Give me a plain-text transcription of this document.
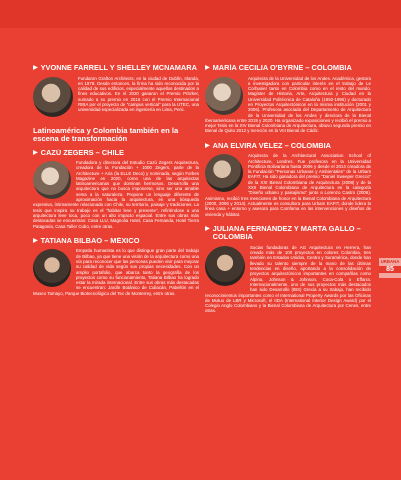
▶ YVONNE FARRELL Y SHELLEY MCNAMARA

Fundaron Grafton Architects, en la ciudad de Dublín, Irlanda, en 1978. Desde entonces, la firma ha sido reconocida por la calidad de sus edificios, especialmente aquellos destinados a fines educativos. En el 2020 ganaron el Premio Pritzker, sumado a su premio en 2016 con el Premio Internacional RIBA por el proyecto de "campus vertical" para la UTEC, una universidad especializada en ingeniería en Lima, Perú.

Latinoamérica y Colombia también en la escena de transformación
▶ CAZÚ ZEGERS – CHILE

Fundadora y directora del Estudio Cazú Zegers Arquitectura, creadora de la Fundación + 1000 Zegers, parte de la Architecture + Aria (la ELLE Deco) y nominada, según Forbes Magazine en 2020, como una de las arquitectas latinoamericanas que dominan hermosos. Desarrolla una arquitectura que no busca imponerse, sino ser una amable sema a la naturaleza. Propone un lenguaje diferente de aproximación hacia la arquitectura, en una búsqueda expresiva, íntimamente relacionada con Chile, su territorio, paisaje y tradiciones. La tesis que inspira su trabajo es el "habitar leve y presente", refiriéndose a una arquitectura leve toca, poco con un alto impacto espacial. Entre sus obras más destacadas se encuentran: Casa LLU, Magnolia Hotel, Casa Fernanda, Hotel Tierra Patagonia, Casa Taller Cubo, entre otras.

▶ TATIANA BILBAO – MÉXICO

Empatía humanista es lo que distingue gran parte del trabajo de Bilbao, ya que tiene una visión de la arquitectura como una vía para reconocer que las personas pueden vivir para mejorar su calidad de vida según sus propias necesidades. Con un amplio portafolio, que abarca tanto la geografía de los proyectos como su funcionamiento, Tatiana Bilbao ha logrado estar la mirada internacional. Entre sus obras más destacadas se encuentran: Jardín Botánico de Culiacán, Pabellón en el Museo Tamayo, Parque Biotecnológico del Tec de Monterrey, entre otras.

▶ MARÍA CECILIA O'BYRNE – COLOMBIA

Arquitecta de la Universidad de los Andes. Académica, gestora e investigadora con particular interés en el trabajo de Le Corbusier tanto en Colombia como en el resto del mundo. Magíster de Historia, Arte, Arquitectura y Ciudad en la Universidad Politécnica de Cataluña (1992-1995) y doctorado en Proyectos Arquitectónicos en la misma institución (2001 y 2006). Profesora asociada del Departamento de Arquitectura de la Universidad de los Andes y directora de la Bienal Iberoamericana entre 2019 y 2020. Ha organizado exposiciones y recibió el premio a mejor Tesis en la XIV Bienal Colombiana de Arquitectura, obtuvo segunda premio en Bienal de Quito 2012 y mención en la VIII Bienal de Cádiz.

▶ ANA ELVIRA VÉLEZ – COLOMBIA

Arquitecta de la Architectural Association School of Architecture, Londres. Fue profesora en la Universidad Pontificia Bolivariana hasta 2006 y desde el 2014 creadora de la Fundación "Personas Urbanas y Ambientales" de la Urbam EAFIT. Ha sido ganadora del premio "Daniel Sweeper Grecco" de la XXI Bienal Colombiana de Arquitectura (2008) y de la XXII Bienal Colombiana de Arquitectura en la categoría "Diseño urbano y paisajismo" junto a Lorenzo Castro (2006). Asimismo, recibió tres menciones de honor en la Bienal Colombiana de Arquitectura (2000, 2006 y 2014). Actualmente es consultora para Urbam EAFIT, donde lidera la línea casa + entorno y asesora para Comfama en las intervenciones y diseños de vivienda y hábitat.

▶ JULIANA FERNÁNDEZ Y MARTA GALLO – COLOMBIA

Socias fundadoras de AG Arquitectura en Herrera, han creado más de 100 proyectos en colores Colombia, tres también en Estados Unidos, Centro y Suramérica, donde han llevado su talento siempre de la mano de las últimas tendencias en diseño, aportando a la consolidación de proyectos arquitectónicos importantes en compañías como Alpina, Johnson & Johnson, Coca-Cola o Effarra. Internacionalmente, uno de sus proyectos más destacados han sido Desarrollo (IBS) Grecia a su trabajo, han recibido reconocimientos importantes como el International Property Awards por las Oficinas de Mutuo de LBR y Microsoft, el IIDA (International Interior Design Award) por el Colegio Anglo Colombiano y la Bienal Colombiana de Arquitectura por Cenes, entre otras.

URBANA
85
